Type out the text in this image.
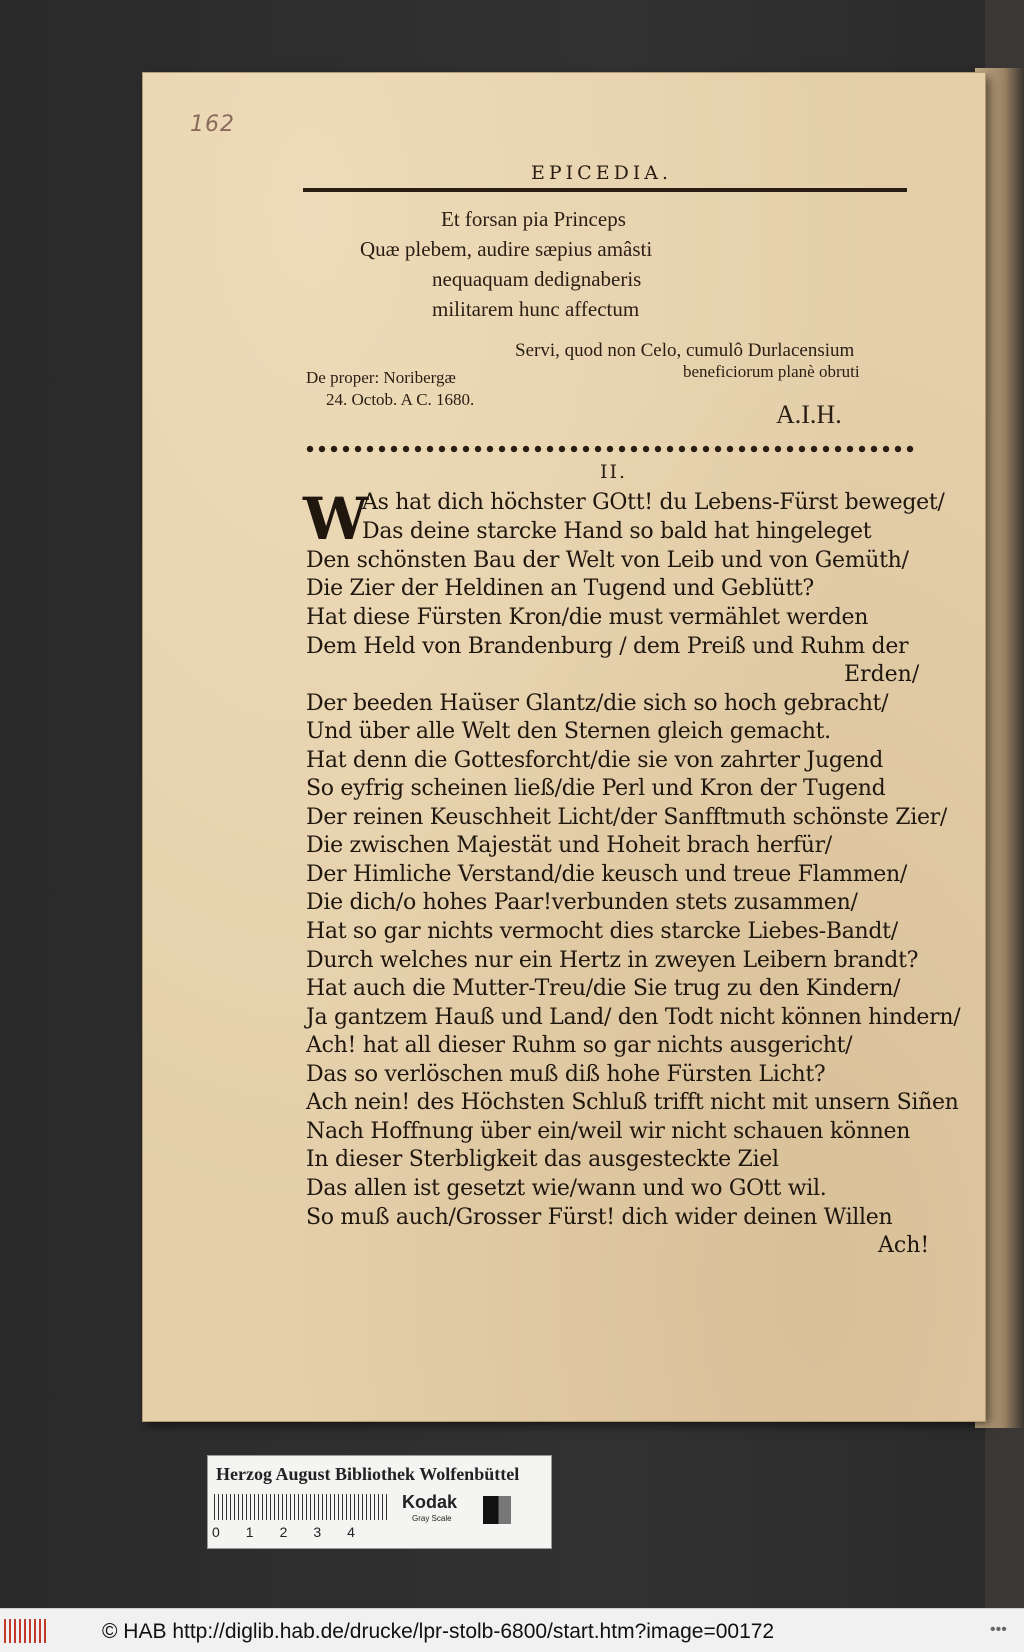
162
EPICEDIA.
Et forsan pia Princeps
Quæ plebem, audire sæpius amâsti
nequaquam dedignaberis
militarem hunc affectum
Servi, quod non Celo, cumulô Durlacensium
beneficiorum planè obruti
De proper: Noribergæ
24. Octob. A C. 1680.
A.I.H.
II.
W
As hat dich höchster GOtt! du Lebens-Fürst beweget/
Das deine starcke Hand so bald hat hingeleget
Den schönsten Bau der Welt von Leib und von Gemüth/
Die Zier der Heldinen an Tugend und Geblütt?
Hat diese Fürsten Kron/die must vermählet werden
Dem Held von Brandenburg / dem Preiß und Ruhm der
Erden/
Der beeden Haüser Glantz/die sich so hoch gebracht/
Und über alle Welt den Sternen gleich gemacht.
Hat denn die Gottesforcht/die sie von zahrter Jugend
So eyfrig scheinen ließ/die Perl und Kron der Tugend
Der reinen Keuschheit Licht/der Sanfftmuth schönste Zier/
Die zwischen Majestät und Hoheit brach herfür/
Der Himliche Verstand/die keusch und treue Flammen/
Die dich/o hohes Paar!verbunden stets zusammen/
Hat so gar nichts vermocht dies starcke Liebes-Bandt/
Durch welches nur ein Hertz in zweyen Leibern brandt?
Hat auch die Mutter-Treu/die Sie trug zu den Kindern/
Ja gantzem Hauß und Land/ den Todt nicht können hindern/
Ach! hat all dieser Ruhm so gar nichts ausgericht/
Das so verlöschen muß diß hohe Fürsten Licht?
Ach nein! des Höchsten Schluß trifft nicht mit unsern Siñen
Nach Hoffnung über ein/weil wir nicht schauen können
In dieser Sterbligkeit das ausgesteckte Ziel
Das allen ist gesetzt wie/wann und wo GOtt wil.
So muß auch/Grosser Fürst! dich wider deinen Willen
Ach!
Herzog August Bibliothek Wolfenbüttel
01234
Kodak
Gray Scale
© HAB http://diglib.hab.de/drucke/lpr-stolb-6800/start.htm?image=00172	•••
